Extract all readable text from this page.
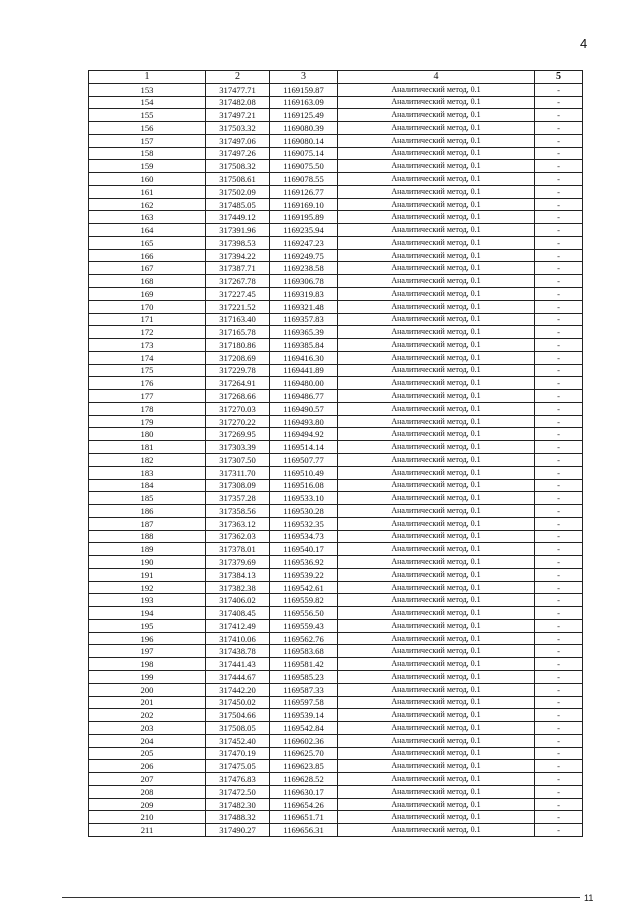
4
1	2	3	4	5
153	317477.71	1169159.87	Аналитический метод, 0.1	-
154	317482.08	1169163.09	Аналитический метод, 0.1	-
155	317497.21	1169125.49	Аналитический метод, 0.1	-
156	317503.32	1169080.39	Аналитический метод, 0.1	-
157	317497.06	1169080.14	Аналитический метод, 0.1	-
158	317497.26	1169075.14	Аналитический метод, 0.1	-
159	317508.32	1169075.50	Аналитический метод, 0.1	-
160	317508.61	1169078.55	Аналитический метод, 0.1	-
161	317502.09	1169126.77	Аналитический метод, 0.1	-
162	317485.05	1169169.10	Аналитический метод, 0.1	-
163	317449.12	1169195.89	Аналитический метод, 0.1	-
164	317391.96	1169235.94	Аналитический метод, 0.1	-
165	317398.53	1169247.23	Аналитический метод, 0.1	-
166	317394.22	1169249.75	Аналитический метод, 0.1	-
167	317387.71	1169238.58	Аналитический метод, 0.1	-
168	317267.78	1169306.78	Аналитический метод, 0.1	-
169	317227.45	1169319.83	Аналитический метод, 0.1	-
170	317221.52	1169321.48	Аналитический метод, 0.1	-
171	317163.40	1169357.83	Аналитический метод, 0.1	-
172	317165.78	1169365.39	Аналитический метод, 0.1	-
173	317180.86	1169385.84	Аналитический метод, 0.1	-
174	317208.69	1169416.30	Аналитический метод, 0.1	-
175	317229.78	1169441.89	Аналитический метод, 0.1	-
176	317264.91	1169480.00	Аналитический метод, 0.1	-
177	317268.66	1169486.77	Аналитический метод, 0.1	-
178	317270.03	1169490.57	Аналитический метод, 0.1	-
179	317270.22	1169493.80	Аналитический метод, 0.1	-
180	317269.95	1169494.92	Аналитический метод, 0.1	-
181	317303.39	1169514.14	Аналитический метод, 0.1	-
182	317307.50	1169507.77	Аналитический метод, 0.1	-
183	317311.70	1169510.49	Аналитический метод, 0.1	-
184	317308.09	1169516.08	Аналитический метод, 0.1	-
185	317357.28	1169533.10	Аналитический метод, 0.1	-
186	317358.56	1169530.28	Аналитический метод, 0.1	-
187	317363.12	1169532.35	Аналитический метод, 0.1	-
188	317362.03	1169534.73	Аналитический метод, 0.1	-
189	317378.01	1169540.17	Аналитический метод, 0.1	-
190	317379.69	1169536.92	Аналитический метод, 0.1	-
191	317384.13	1169539.22	Аналитический метод, 0.1	-
192	317382.38	1169542.61	Аналитический метод, 0.1	-
193	317406.02	1169559.82	Аналитический метод, 0.1	-
194	317408.45	1169556.50	Аналитический метод, 0.1	-
195	317412.49	1169559.43	Аналитический метод, 0.1	-
196	317410.06	1169562.76	Аналитический метод, 0.1	-
197	317438.78	1169583.68	Аналитический метод, 0.1	-
198	317441.43	1169581.42	Аналитический метод, 0.1	-
199	317444.67	1169585.23	Аналитический метод, 0.1	-
200	317442.20	1169587.33	Аналитический метод, 0.1	-
201	317450.02	1169597.58	Аналитический метод, 0.1	-
202	317504.66	1169539.14	Аналитический метод, 0.1	-
203	317508.05	1169542.84	Аналитический метод, 0.1	-
204	317452.40	1169602.36	Аналитический метод, 0.1	-
205	317470.19	1169625.70	Аналитический метод, 0.1	-
206	317475.05	1169623.85	Аналитический метод, 0.1	-
207	317476.83	1169628.52	Аналитический метод, 0.1	-
208	317472.50	1169630.17	Аналитический метод, 0.1	-
209	317482.30	1169654.26	Аналитический метод, 0.1	-
210	317488.32	1169651.71	Аналитический метод, 0.1	-
211	317490.27	1169656.31	Аналитический метод, 0.1	-
11
